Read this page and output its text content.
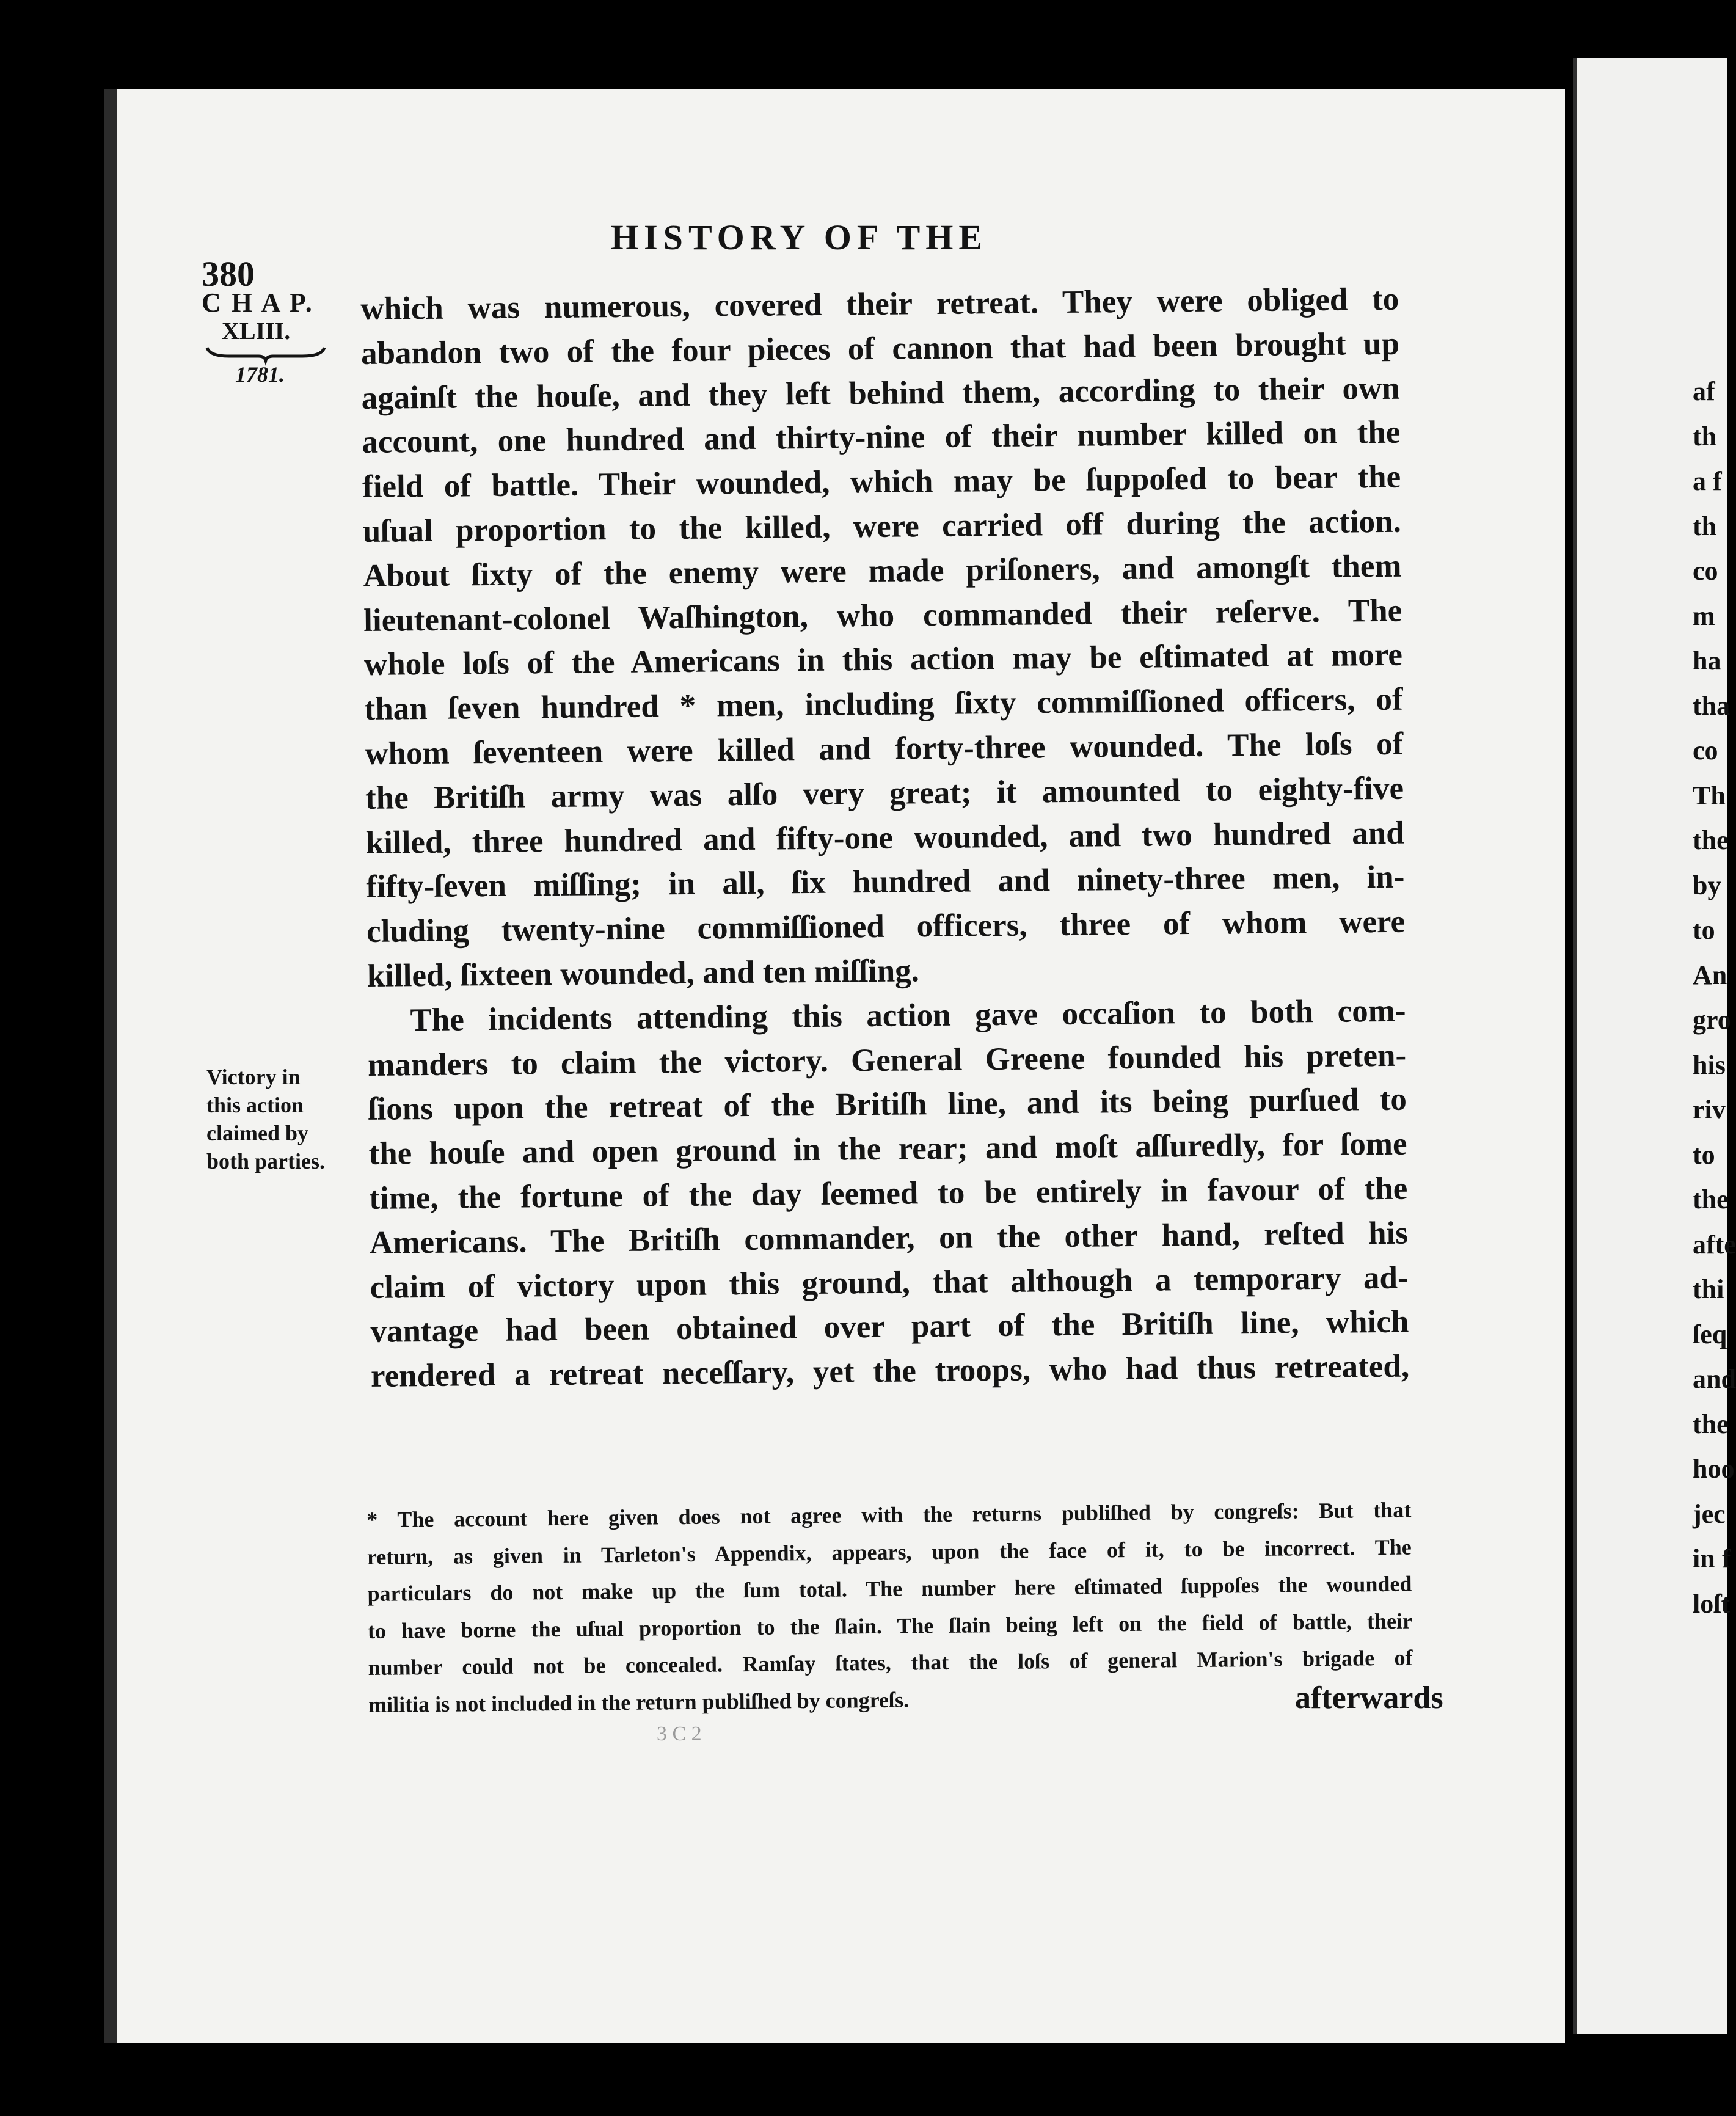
af
th
a f
th
co
m
ha
tha
co
Th
the
by
to
An
gro
his
riv
to
the
afte
thi
ſeq
and
the
hoo
jec
in f
loſt
HISTORY OF THE
380
C H A P.
XLIII.
1781.
which was numerous, covered their retreat. They were obliged to
abandon two of the four pieces of cannon that had been brought up
againſt the houſe, and they left behind them, according to their own
account, one hundred and thirty-nine of their number killed on the
field of battle. Their wounded, which may be ſuppoſed to bear the
uſual proportion to the killed, were carried off during the action.
About ſixty of the enemy were made priſoners, and amongſt them
lieutenant-colonel Waſhington, who commanded their reſerve. The
whole loſs of the Americans in this action may be eſtimated at more
than ſeven hundred * men, including ſixty commiſſioned officers, of
whom ſeventeen were killed and forty-three wounded. The loſs of
the Britiſh army was alſo very great; it amounted to eighty-five
killed, three hundred and fifty-one wounded, and two hundred and
fifty-ſeven miſſing; in all, ſix hundred and ninety-three men, in-
cluding twenty-nine commiſſioned officers, three of whom were
killed, ſixteen wounded, and ten miſſing.
The incidents attending this action gave occaſion to both com-
manders to claim the victory. General Greene founded his preten-
ſions upon the retreat of the Britiſh line, and its being purſued to
the houſe and open ground in the rear; and moſt aſſuredly, for ſome
time, the fortune of the day ſeemed to be entirely in favour of the
Americans. The Britiſh commander, on the other hand, reſted his
claim of victory upon this ground, that although a temporary ad-
vantage had been obtained over part of the Britiſh line, which
rendered a retreat neceſſary, yet the troops, who had thus retreated,
Victory in
this action
claimed by
both parties.
* The account here given does not agree with the returns publiſhed by congreſs: But that
return, as given in Tarleton's Appendix, appears, upon the face of it, to be incorrect. The
particulars do not make up the ſum total. The number here eſtimated ſuppoſes the wounded
to have borne the uſual proportion to the ſlain. The ſlain being left on the field of battle, their
number could not be concealed. Ramſay ſtates, that the loſs of general Marion's brigade of
militia is not included in the return publiſhed by congreſs.	afterwards
3 C 2
